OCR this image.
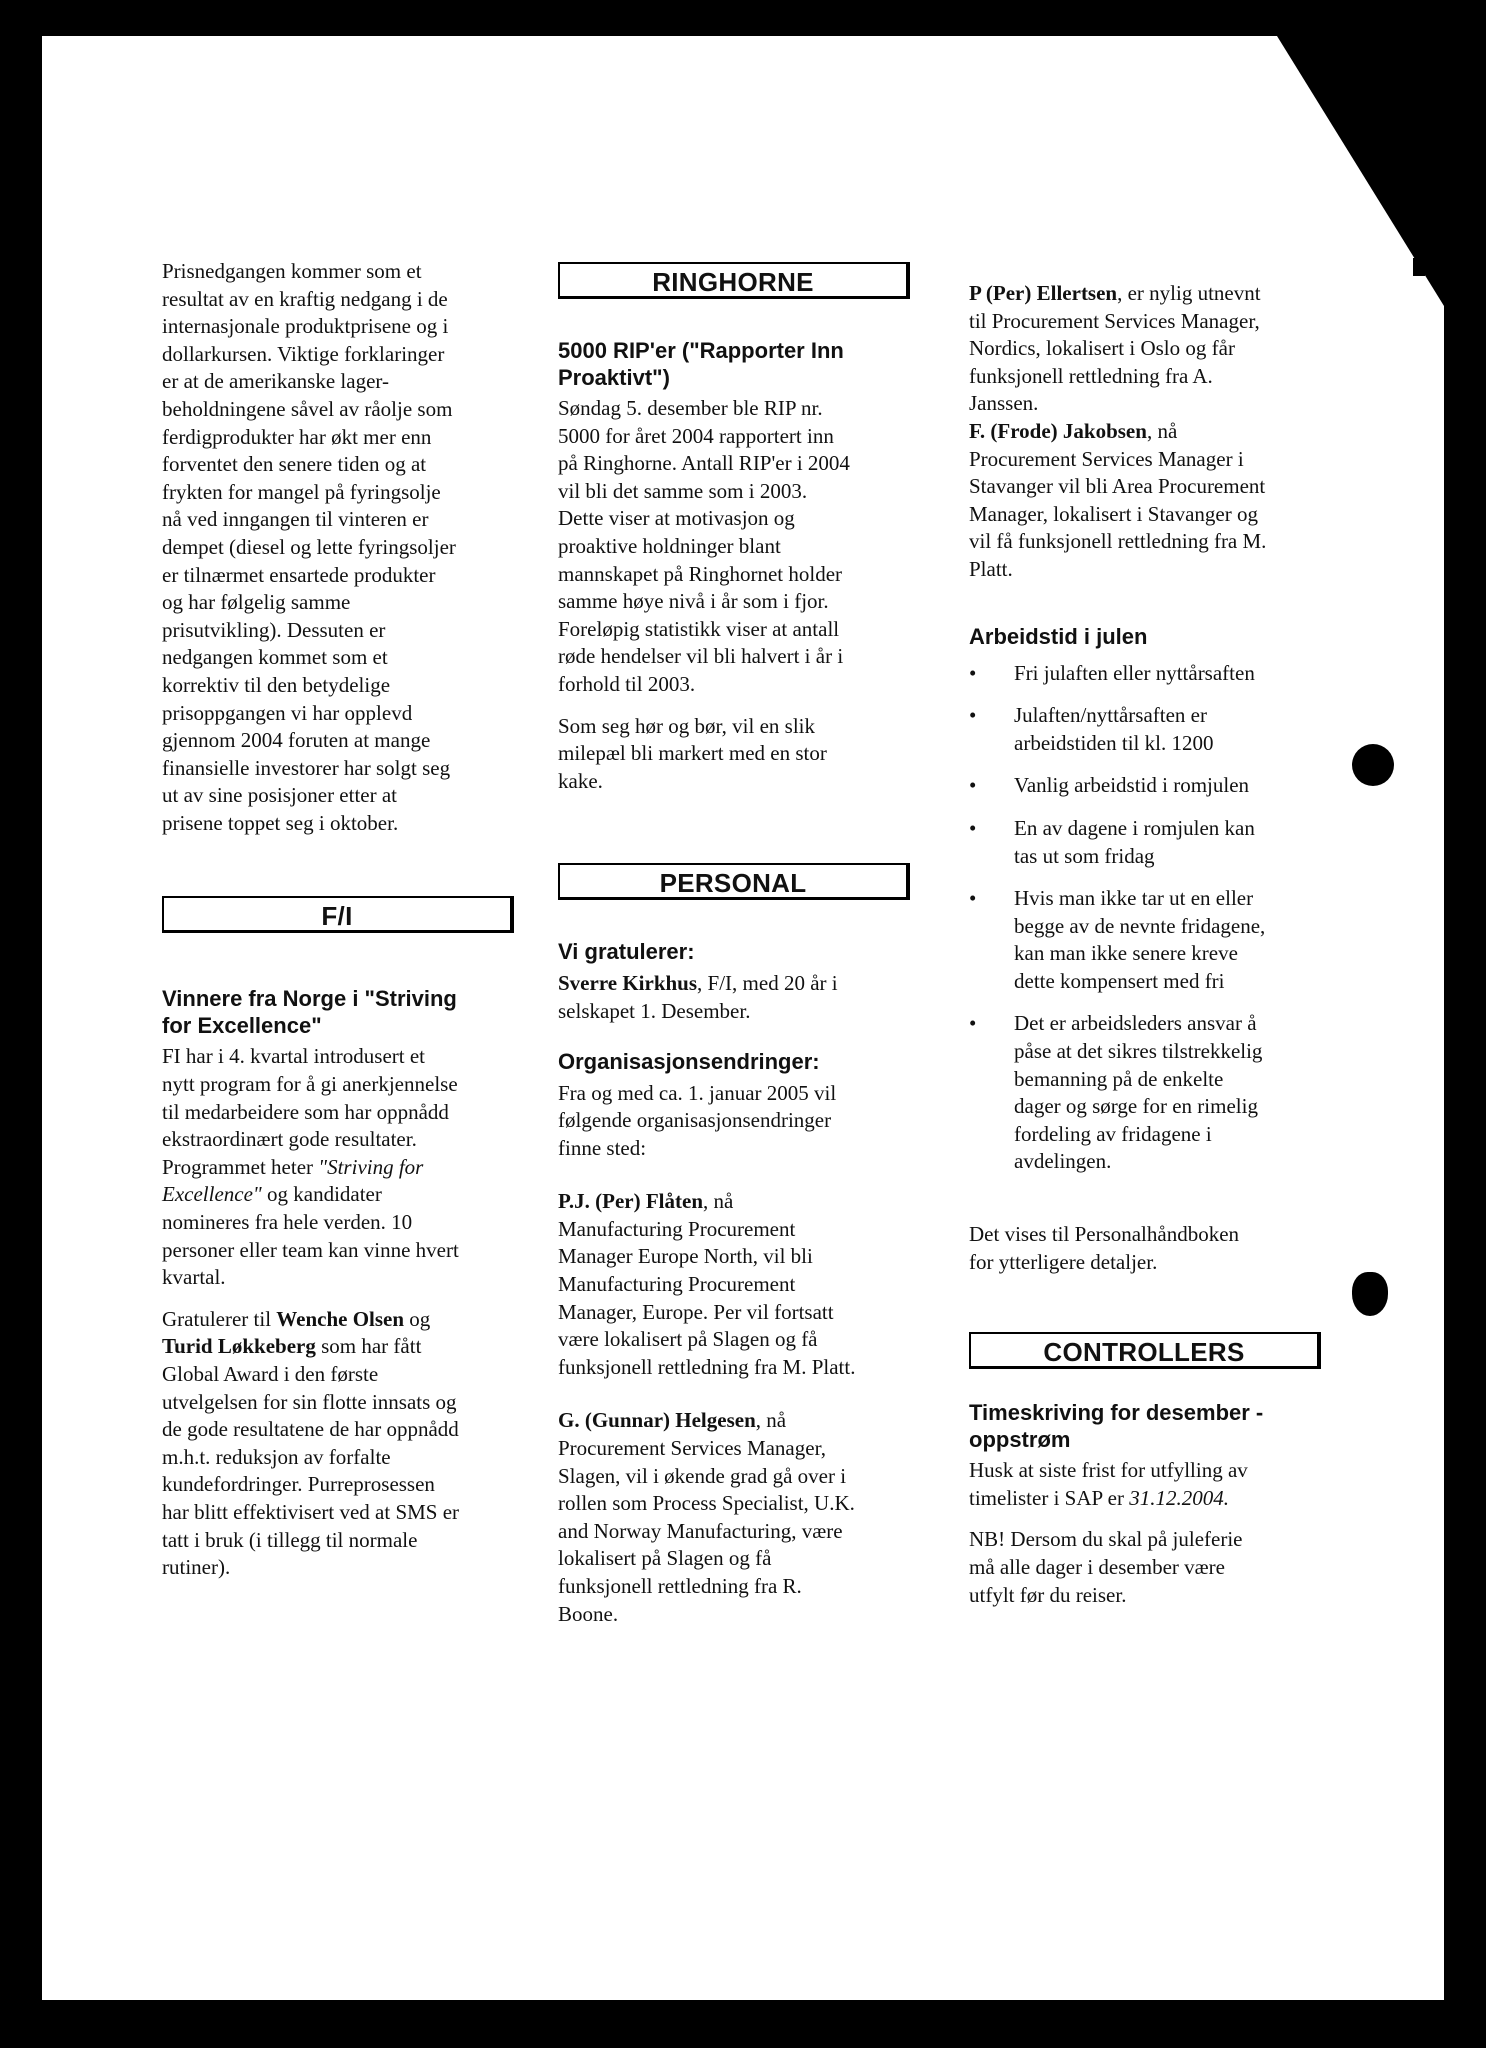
Prisnedgangen kommer som et
resultat av en kraftig nedgang i de
internasjonale produktprisene og i
dollarkursen. Viktige forklaringer
er at de amerikanske lager-
beholdningene såvel av råolje som
ferdigprodukter har økt mer enn
forventet den senere tiden og at
frykten for mangel på fyringsolje
nå ved inngangen til vinteren er
dempet (diesel og lette fyringsoljer
er tilnærmet ensartede produkter
og har følgelig samme
prisutvikling). Dessuten er
nedgangen kommet som et
korrektiv til den betydelige
prisoppgangen vi har opplevd
gjennom 2004 foruten at mange
finansielle investorer har solgt seg
ut av sine posisjoner etter at
prisene toppet seg i oktober.

F/I
Vinnere fra Norge i "Striving
for Excellence"

FI har i 4. kvartal introdusert et
nytt program for å gi anerkjennelse
til medarbeidere som har oppnådd
ekstraordinært gode resultater.
Programmet heter "Striving for
Excellence" og kandidater
nomineres fra hele verden. 10
personer eller team kan vinne hvert
kvartal.

Gratulerer til Wenche Olsen og
Turid Løkkeberg som har fått
Global Award i den første
utvelgelsen for sin flotte innsats og
de gode resultatene de har oppnådd
m.h.t. reduksjon av forfalte
kundefordringer. Purreprosessen
har blitt effektivisert ved at SMS er
tatt i bruk (i tillegg til normale
rutiner).

RINGHORNE
5000 RIP'er ("Rapporter Inn
Proaktivt")

Søndag 5. desember ble RIP nr.
5000 for året 2004 rapportert inn
på Ringhorne. Antall RIP'er i 2004
vil bli det samme som i 2003.
Dette viser at motivasjon og
proaktive holdninger blant
mannskapet på Ringhornet holder
samme høye nivå i år som i fjor.
Foreløpig statistikk viser at antall
røde hendelser vil bli halvert i år i
forhold til 2003.

Som seg hør og bør, vil en slik
milepæl bli markert med en stor
kake.

PERSONAL
Vi gratulerer:

Sverre Kirkhus, F/I, med 20 år i
selskapet 1. Desember.

Organisasjonsendringer:

Fra og med ca. 1. januar 2005 vil
følgende organisasjonsendringer
finne sted:

P.J. (Per) Flåten, nå
Manufacturing Procurement
Manager Europe North, vil bli
Manufacturing Procurement
Manager, Europe. Per vil fortsatt
være lokalisert på Slagen og få
funksjonell rettledning fra M. Platt.

G. (Gunnar) Helgesen, nå
Procurement Services Manager,
Slagen, vil i økende grad gå over i
rollen som Process Specialist, U.K.
and Norway Manufacturing, være
lokalisert på Slagen og få
funksjonell rettledning fra R.
Boone.

P (Per) Ellertsen, er nylig utnevnt
til Procurement Services Manager,
Nordics, lokalisert i Oslo og får
funksjonell rettledning fra A.
Janssen.

F. (Frode) Jakobsen, nå
Procurement Services Manager i
Stavanger vil bli Area Procurement
Manager, lokalisert i Stavanger og
vil få funksjonell rettledning fra M.
Platt.

Arbeidstid i julen
• Fri julaften eller nyttårsaften
• Julaften/nyttårsaften er
arbeidstiden til kl. 1200
• Vanlig arbeidstid i romjulen
• En av dagene i romjulen kan
tas ut som fridag
• Hvis man ikke tar ut en eller
begge av de nevnte fridagene,
kan man ikke senere kreve
dette kompensert med fri
• Det er arbeidsleders ansvar å
påse at det sikres tilstrekkelig
bemanning på de enkelte
dager og sørge for en rimelig
fordeling av fridagene i
avdelingen.

Det vises til Personalhåndboken
for ytterligere detaljer.

CONTROLLERS
Timeskriving for desember -
oppstrøm

Husk at siste frist for utfylling av
timelister i SAP er 31.12.2004.

NB! Dersom du skal på juleferie
må alle dager i desember være
utfylt før du reiser.
